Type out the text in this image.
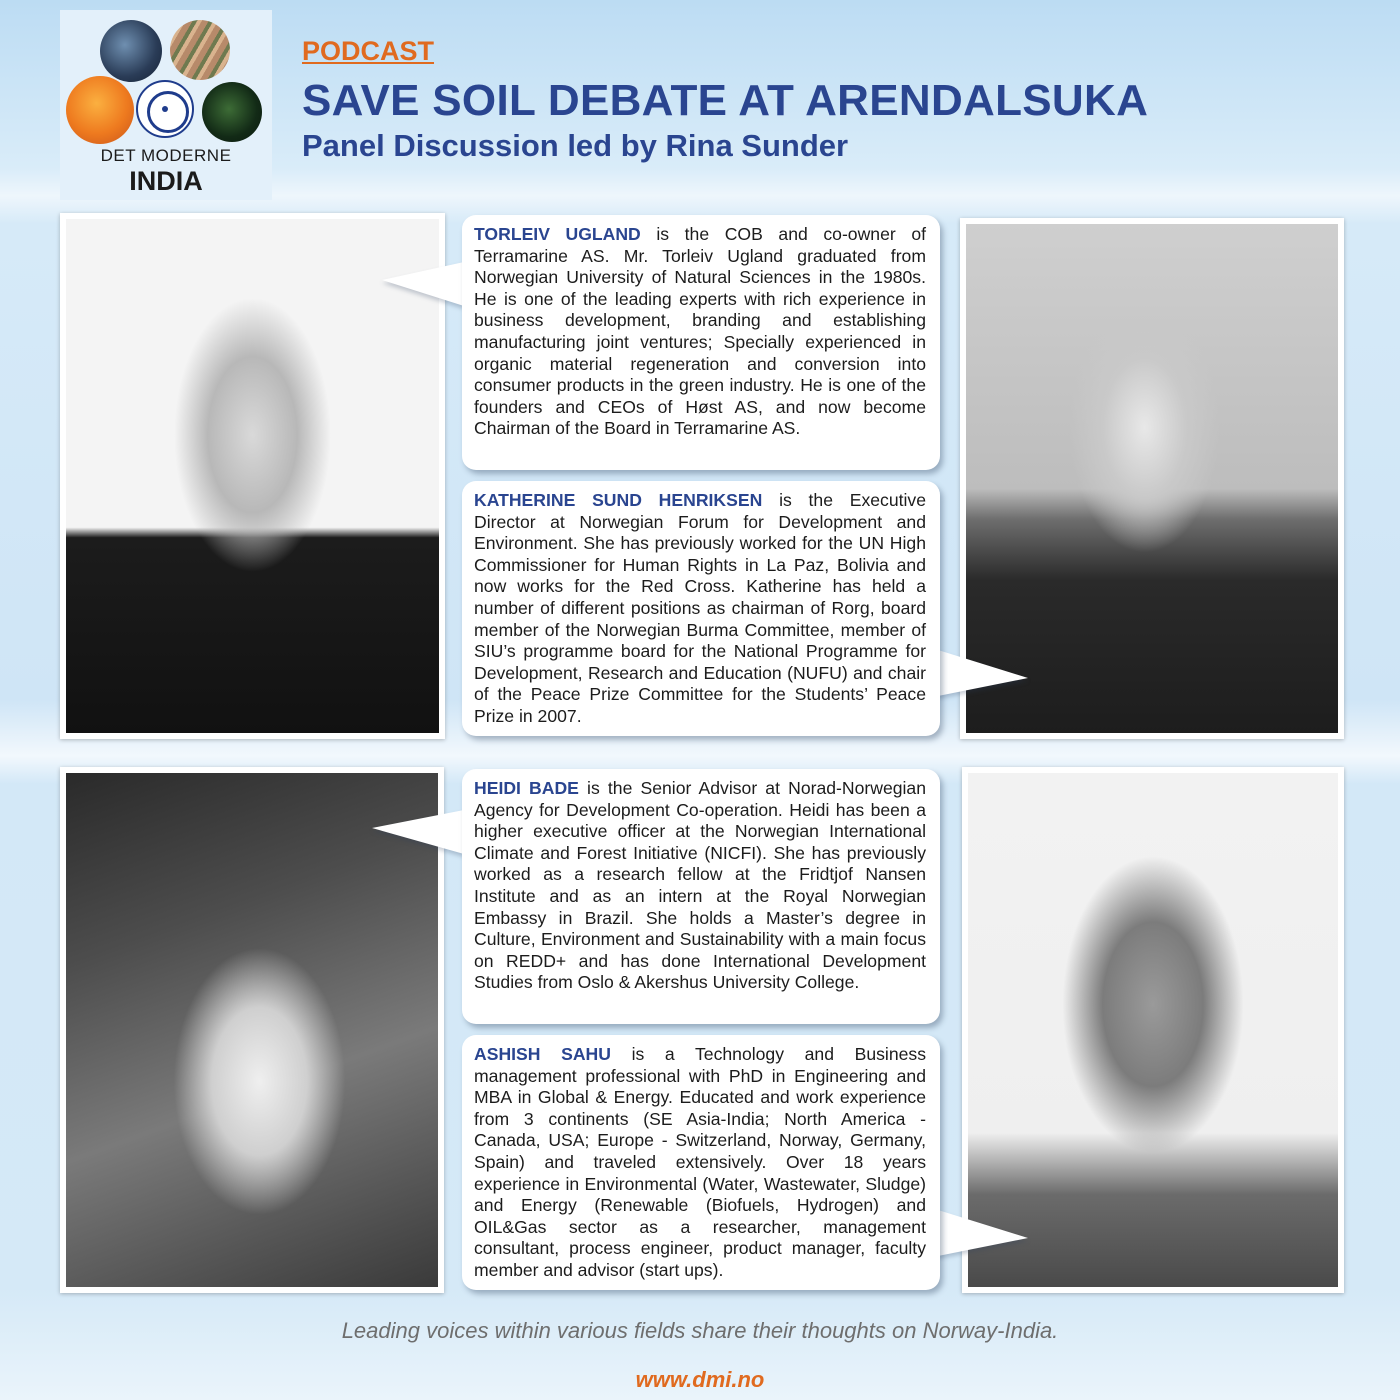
DET MODERNE
INDIA
PODCAST
SAVE SOIL DEBATE AT ARENDALSUKA
Panel Discussion led by Rina Sunder
TORLEIV UGLAND is the COB and co-owner of Terramarine AS. Mr. Torleiv Ugland graduated from Norwegian University of Natural Sciences in the 1980s. He is one of the leading experts with rich experience in business development, branding and establishing manufacturing joint ventures; Specially experienced in organic material regeneration and conversion into consumer products in the green industry. He is one of the founders and CEOs of Høst AS, and now become Chairman of the Board in Terramarine AS.
KATHERINE SUND HENRIKSEN is the Executive Director at Norwegian Forum for Development and Environment. She has previously worked for the UN High Commissioner for Human Rights in La Paz, Bolivia and now works for the Red Cross. Katherine has held a number of different positions as chairman of Rorg, board member of the Norwegian Burma Committee, member of SIU’s programme board for the National Programme for Development, Research and Education (NUFU) and chair of the Peace Prize Committee for the Students’ Peace Prize in 2007.
HEIDI BADE is the Senior Advisor at Norad-Norwegian Agency for Development Co-operation. Heidi has been a higher executive officer at the Norwegian International Climate and Forest Initiative (NICFI). She has previously worked as a research fellow at the Fridtjof Nansen Institute and as an intern at the Royal Norwegian Embassy in Brazil. She holds a Master’s degree in Culture, Environment and Sustainability with a main focus on REDD+ and has done International Development Studies from Oslo & Akershus University College.
ASHISH SAHU is a Technology and Business management professional with PhD in Engineering and MBA in Global & Energy. Educated and work experience from 3 continents (SE Asia-India; North America - Canada, USA; Europe - Switzerland, Norway, Germany, Spain) and traveled extensively. Over 18 years experience in Environmental (Water, Wastewater, Sludge) and Energy (Renewable (Biofuels, Hydrogen) and OIL&Gas sector as a researcher, management consultant, process engineer, product manager, faculty member and advisor (start ups).
Leading voices within various fields share their thoughts on Norway-India.
www.dmi.no
